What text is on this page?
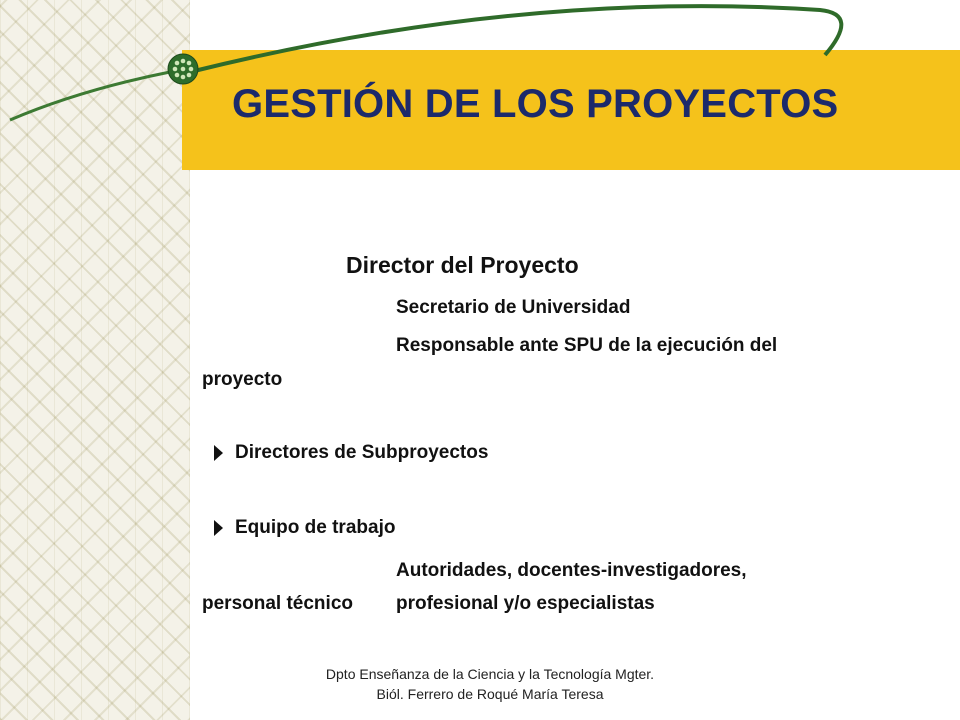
GESTIÓN DE LOS PROYECTOS
Director del Proyecto
Secretario de Universidad
Responsable ante SPU de la ejecución del
proyecto
Directores de Subproyectos
Equipo de trabajo
Autoridades, docentes-investigadores,
personal técnico profesional y/o especialistas
Dpto Enseñanza de la Ciencia y la Tecnología Mgter. Biól. Ferrero de Roqué María Teresa
